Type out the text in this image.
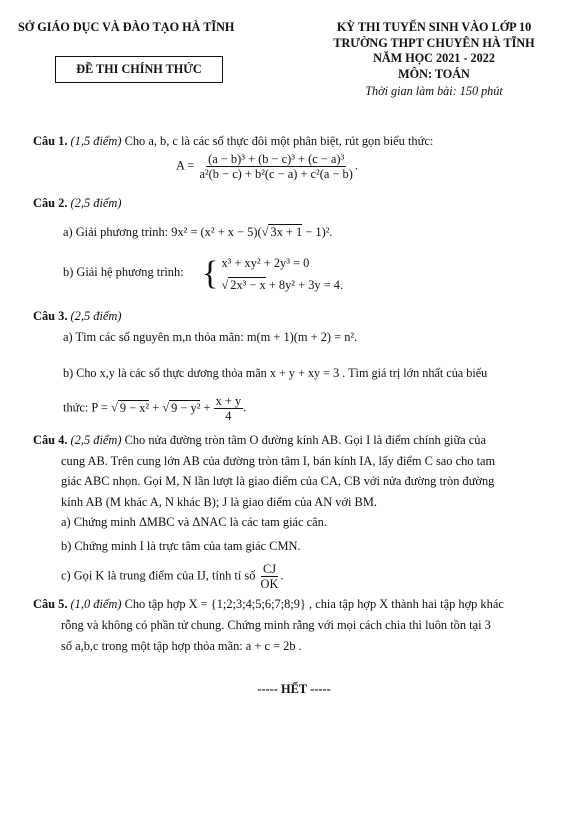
SỞ GIÁO DỤC VÀ ĐÀO TẠO HÀ TĨNH
ĐỀ THI CHÍNH THỨC
KỲ THI TUYỂN SINH VÀO LỚP 10
TRƯỜNG THPT CHUYÊN HÀ TĨNH
NĂM HỌC 2021 - 2022
MÔN: TOÁN
Thời gian làm bài: 150 phút
Câu 1. (1,5 điểm) Cho a, b, c là các số thực đôi một phân biệt, rút gọn biểu thức:
$A = \frac{\text{(a − b)³ + (b − c)³ + (c − a)³}}{\text{a²(b − c) + b²(c − a) + c²(a − b)}}$ .
Câu 2. (2,5 điểm)
a) Giải phương trình: 9x² = (x² + x − 5)(√ 3x + 1 − 1)².
b) Giải hệ phương trình: { x³ + xy² + 2y³ = 0
√ 2x³ − x + 8y² + 3y = 4.
Câu 3. (2,5 điểm)
a) Tìm các số nguyên m,n thỏa mãn: m(m + 1)(m + 2) = n².
b) Cho x,y là các số thực dương thỏa mãn x + y + xy = 3 . Tìm giá trị lớn nhất của biểu
thức: P = √ 9 − x² + √ $9 - y^2 + \frac{x + y}{4}$ .
Câu 4. (2,5 điểm) Cho nửa đường tròn tâm O đường kính AB. Gọi I là điểm chính giữa của
cung AB. Trên cung lớn AB của đường tròn tâm I, bán kính IA, lấy điểm C sao cho tam
giác ABC nhọn. Gọi M, N lần lượt là giao điểm của CA, CB với nửa đường tròn đường
kính AB (M khác A, N khác B); J là giao điểm của AN với BM.
a) Chứng minh ΔMBC và ΔNAC là các tam giác cân.
b) Chứng minh I là trực tâm của tam giác CMN.
c) Gọi K là trung điểm của IJ, tính tỉ số $\frac{CJ}{OK}$ .
Câu 5. (1,0 điểm) Cho tập hợp X = {1;2;3;4;5;6;7;8;9} , chia tập hợp X thành hai tập hợp khác
rỗng và không có phần tử chung. Chứng minh rằng với mọi cách chia thì luôn tồn tại 3
số a,b,c trong một tập hợp thỏa mãn: a + c = 2b .
----- HẾT -----
